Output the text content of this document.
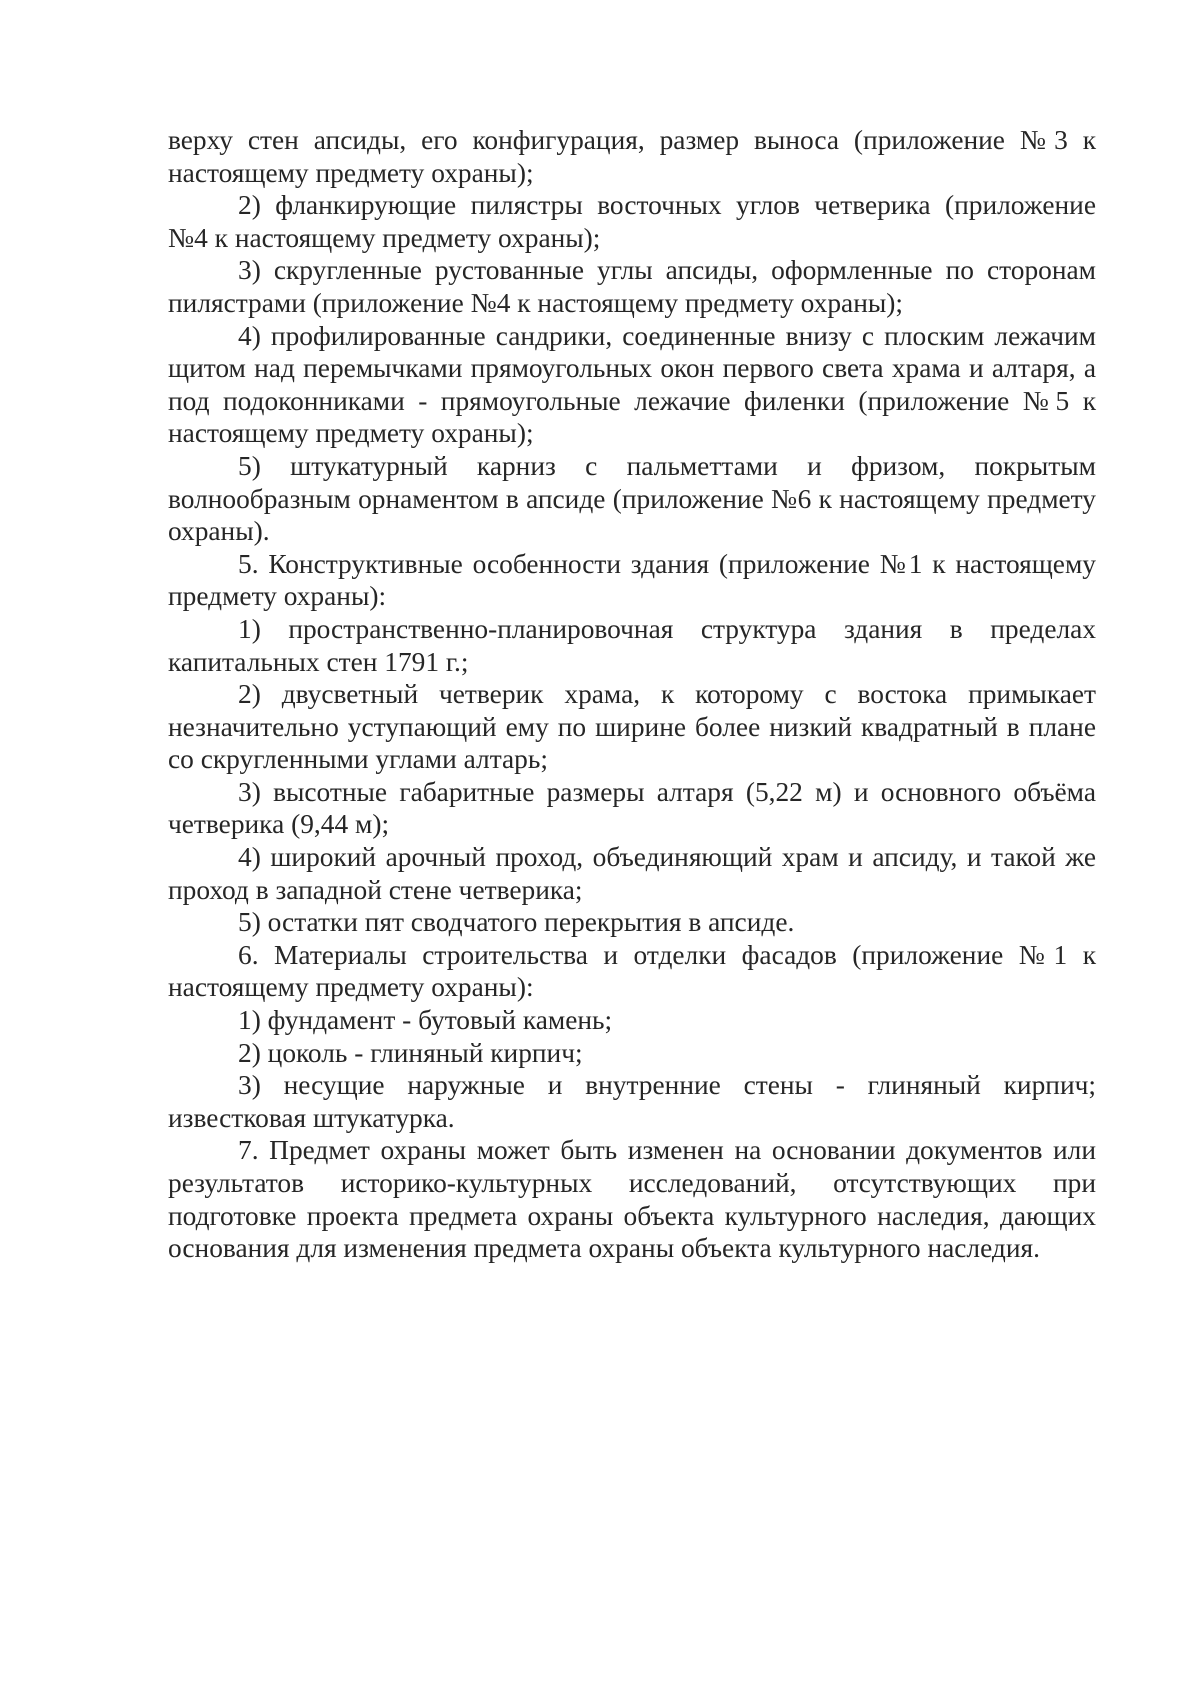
верху стен апсиды, его конфигурация, размер выноса (приложение №3 к настоящему предмету охраны);

2) фланкирующие пилястры восточных углов четверика (приложение №4 к настоящему предмету охраны);

3) скругленные рустованные углы апсиды, оформленные по сторонам пилястрами (приложение №4 к настоящему предмету охраны);

4) профилированные сандрики, соединенные внизу с плоским лежачим щитом над перемычками прямоугольных окон первого света храма и алтаря, а под подоконниками - прямоугольные лежачие филенки (приложение №5 к настоящему предмету охраны);

5) штукатурный карниз с пальметтами и фризом, покрытым волнообразным орнаментом в апсиде (приложение №6 к настоящему предмету охраны).

5. Конструктивные особенности здания (приложение №1 к настоящему предмету охраны):

1) пространственно-планировочная структура здания в пределах капитальных стен 1791 г.;

2) двусветный четверик храма, к которому с востока примыкает незначительно уступающий ему по ширине более низкий квадратный в плане со скругленными углами алтарь;

3) высотные габаритные размеры алтаря (5,22 м) и основного объёма четверика (9,44 м);

4) широкий арочный проход, объединяющий храм и апсиду, и такой же проход в западной стене четверика;

5) остатки пят сводчатого перекрытия в апсиде.

6. Материалы строительства и отделки фасадов (приложение №1 к настоящему предмету охраны):

1) фундамент - бутовый камень;

2) цоколь - глиняный кирпич;

3) несущие наружные и внутренние стены - глиняный кирпич; известковая штукатурка.

7. Предмет охраны может быть изменен на основании документов или результатов историко-культурных исследований, отсутствующих при подготовке проекта предмета охраны объекта культурного наследия, дающих основания для изменения предмета охраны объекта культурного наследия.
